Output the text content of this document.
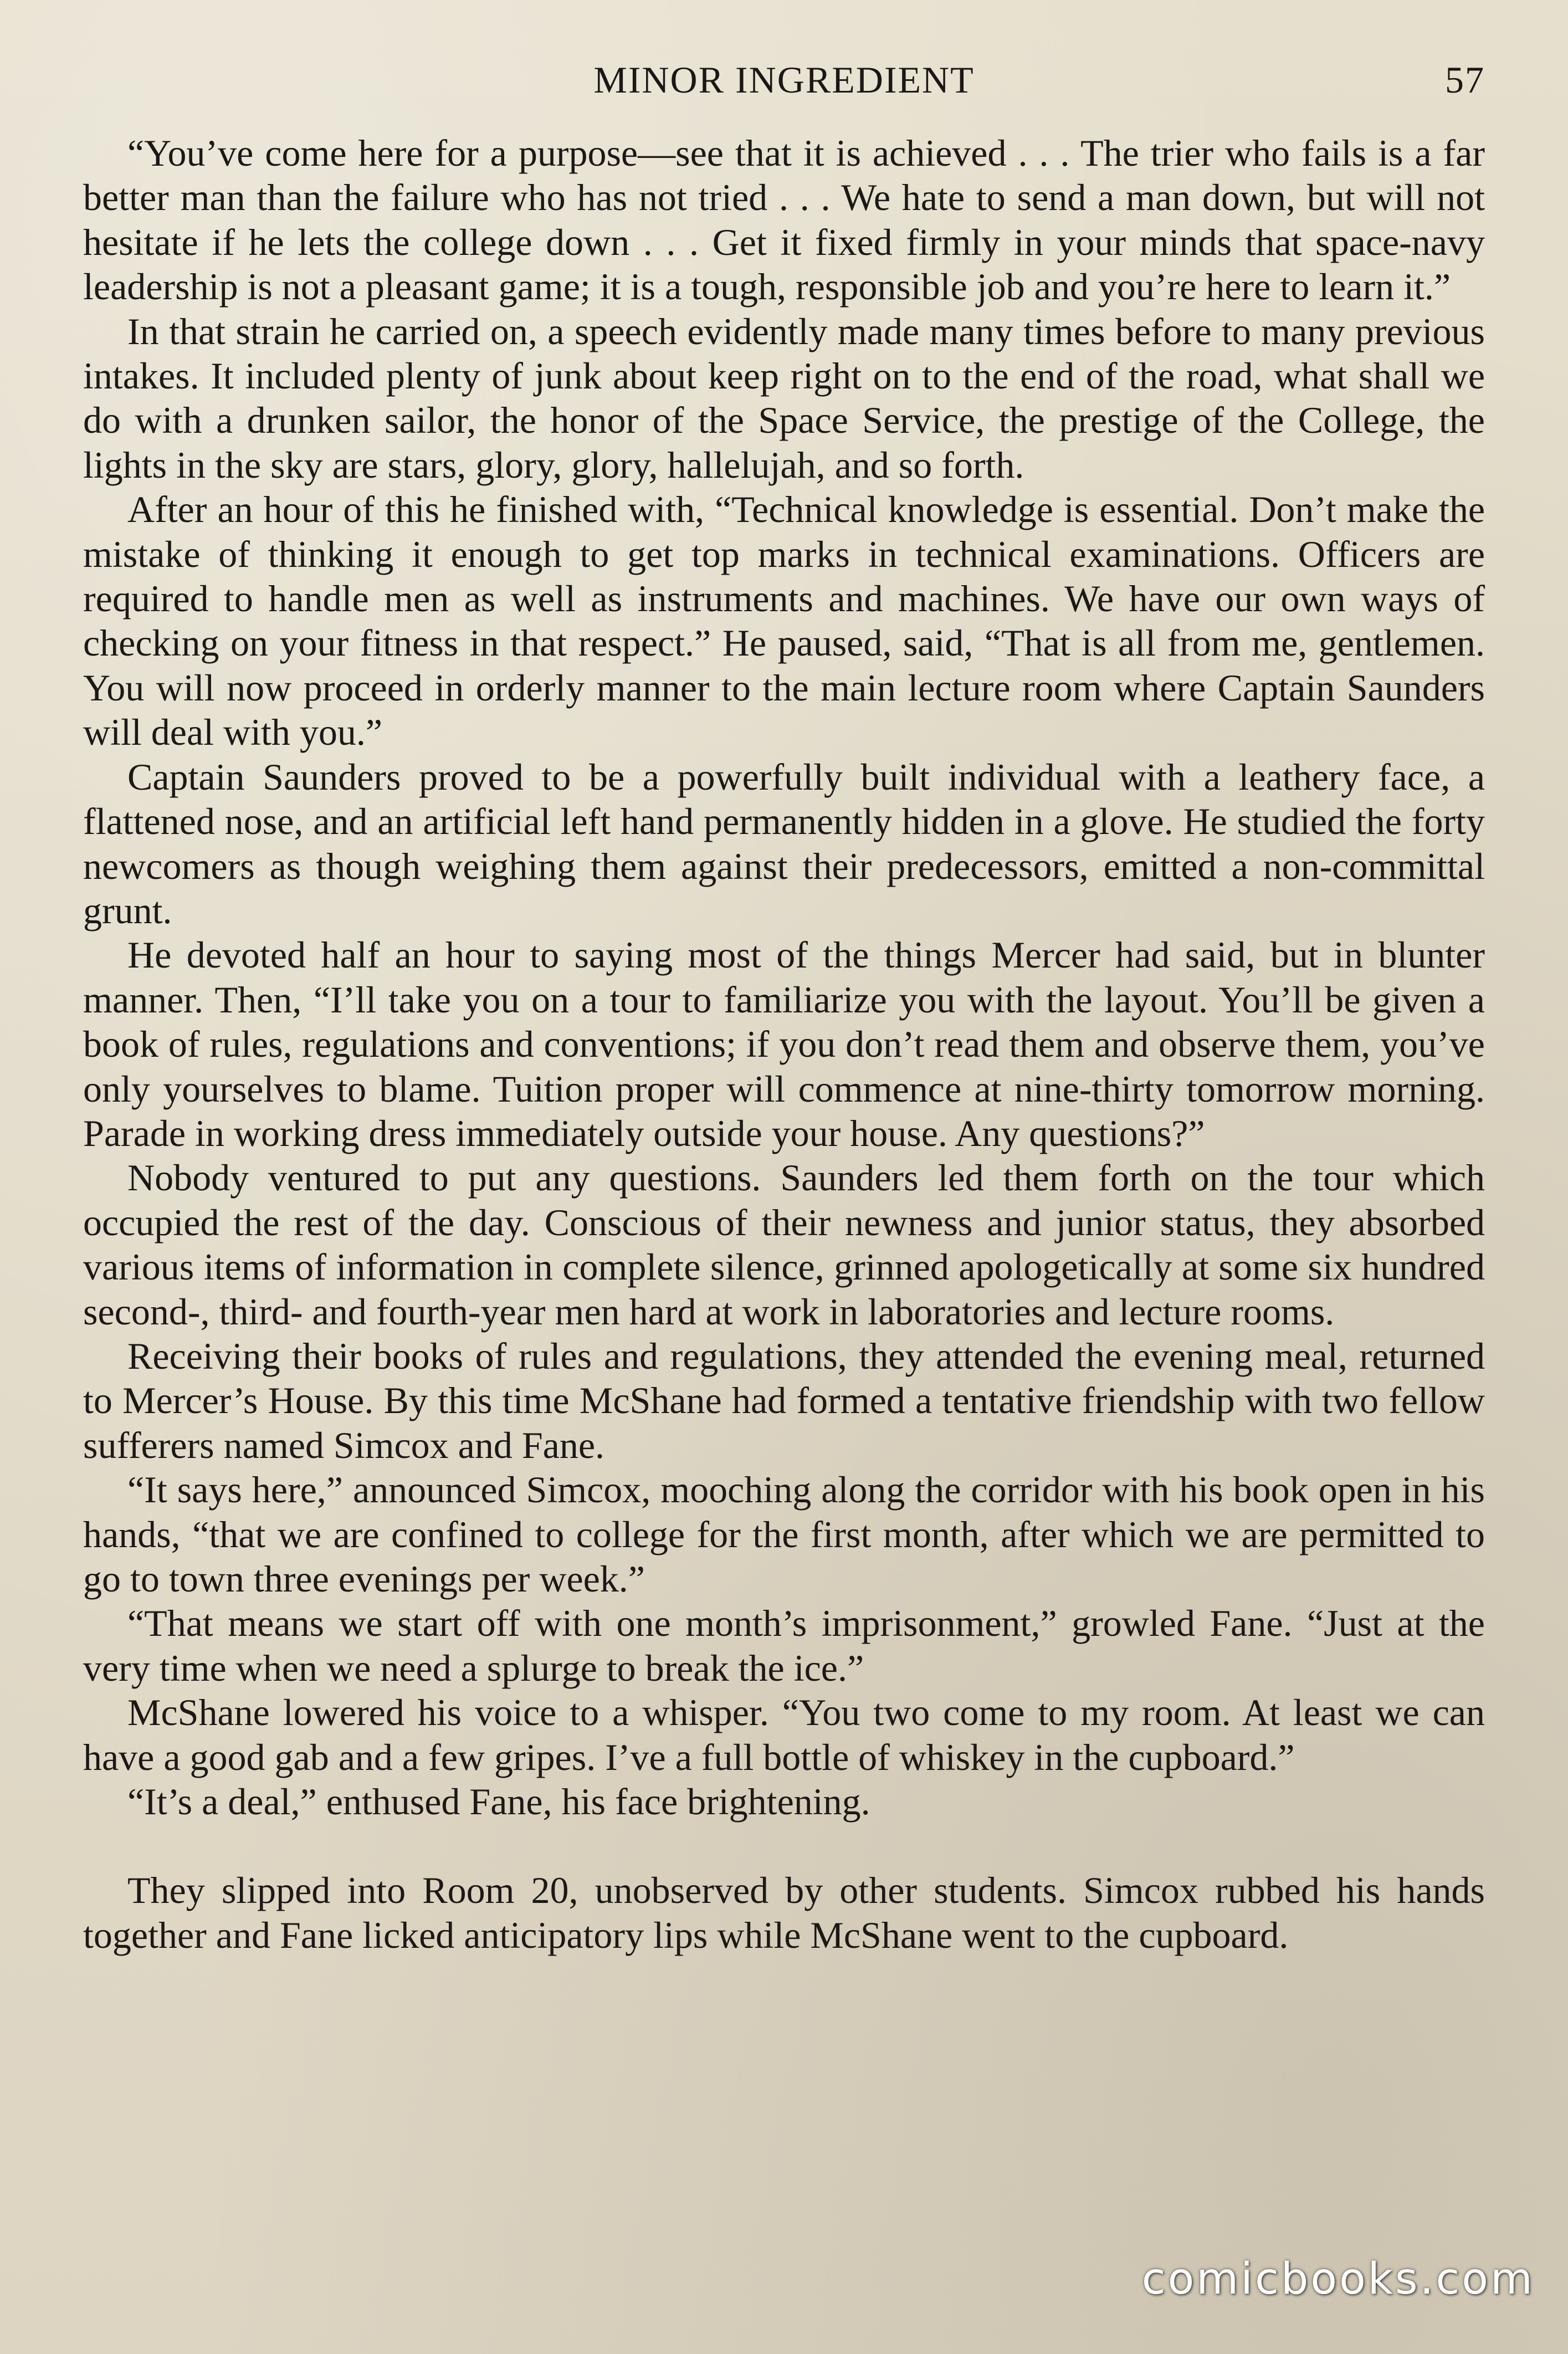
MINOR INGREDIENT	57

“You’ve come here for a purpose—see that it is achieved . . . The trier who fails is a far better man than the failure who has not tried . . . We hate to send a man down, but will not hesitate if he lets the college down . . . Get it fixed firmly in your minds that space-navy leadership is not a pleasant game; it is a tough, responsible job and you’re here to learn it.”

In that strain he carried on, a speech evidently made many times before to many previous intakes. It included plenty of junk about keep right on to the end of the road, what shall we do with a drunken sailor, the honor of the Space Service, the prestige of the College, the lights in the sky are stars, glory, glory, hallelujah, and so forth.

After an hour of this he finished with, “Technical knowledge is essential. Don’t make the mistake of thinking it enough to get top marks in technical examinations. Officers are required to handle men as well as instruments and machines. We have our own ways of checking on your fitness in that respect.” He paused, said, “That is all from me, gentlemen. You will now proceed in orderly manner to the main lecture room where Captain Saunders will deal with you.”

Captain Saunders proved to be a powerfully built individual with a leathery face, a flattened nose, and an artificial left hand permanently hidden in a glove. He studied the forty newcomers as though weighing them against their predecessors, emitted a non-committal grunt.

He devoted half an hour to saying most of the things Mercer had said, but in blunter manner. Then, “I’ll take you on a tour to familiarize you with the layout. You’ll be given a book of rules, regulations and conventions; if you don’t read them and observe them, you’ve only yourselves to blame. Tuition proper will commence at nine-thirty tomorrow morning. Parade in working dress immediately outside your house. Any questions?”

Nobody ventured to put any questions. Saunders led them forth on the tour which occupied the rest of the day. Conscious of their newness and junior status, they absorbed various items of information in complete silence, grinned apologetically at some six hundred second-, third- and fourth-year men hard at work in laboratories and lecture rooms.

Receiving their books of rules and regulations, they attended the evening meal, returned to Mercer’s House. By this time McShane had formed a tentative friendship with two fellow sufferers named Simcox and Fane.

“It says here,” announced Simcox, mooching along the corridor with his book open in his hands, “that we are confined to college for the first month, after which we are permitted to go to town three evenings per week.”

“That means we start off with one month’s imprisonment,” growled Fane. “Just at the very time when we need a splurge to break the ice.”

McShane lowered his voice to a whisper. “You two come to my room. At least we can have a good gab and a few gripes. I’ve a full bottle of whiskey in the cupboard.”

“It’s a deal,” enthused Fane, his face brightening.

They slipped into Room 20, unobserved by other students. Simcox rubbed his hands together and Fane licked anticipatory lips while McShane went to the cupboard.

comicbooks.com
